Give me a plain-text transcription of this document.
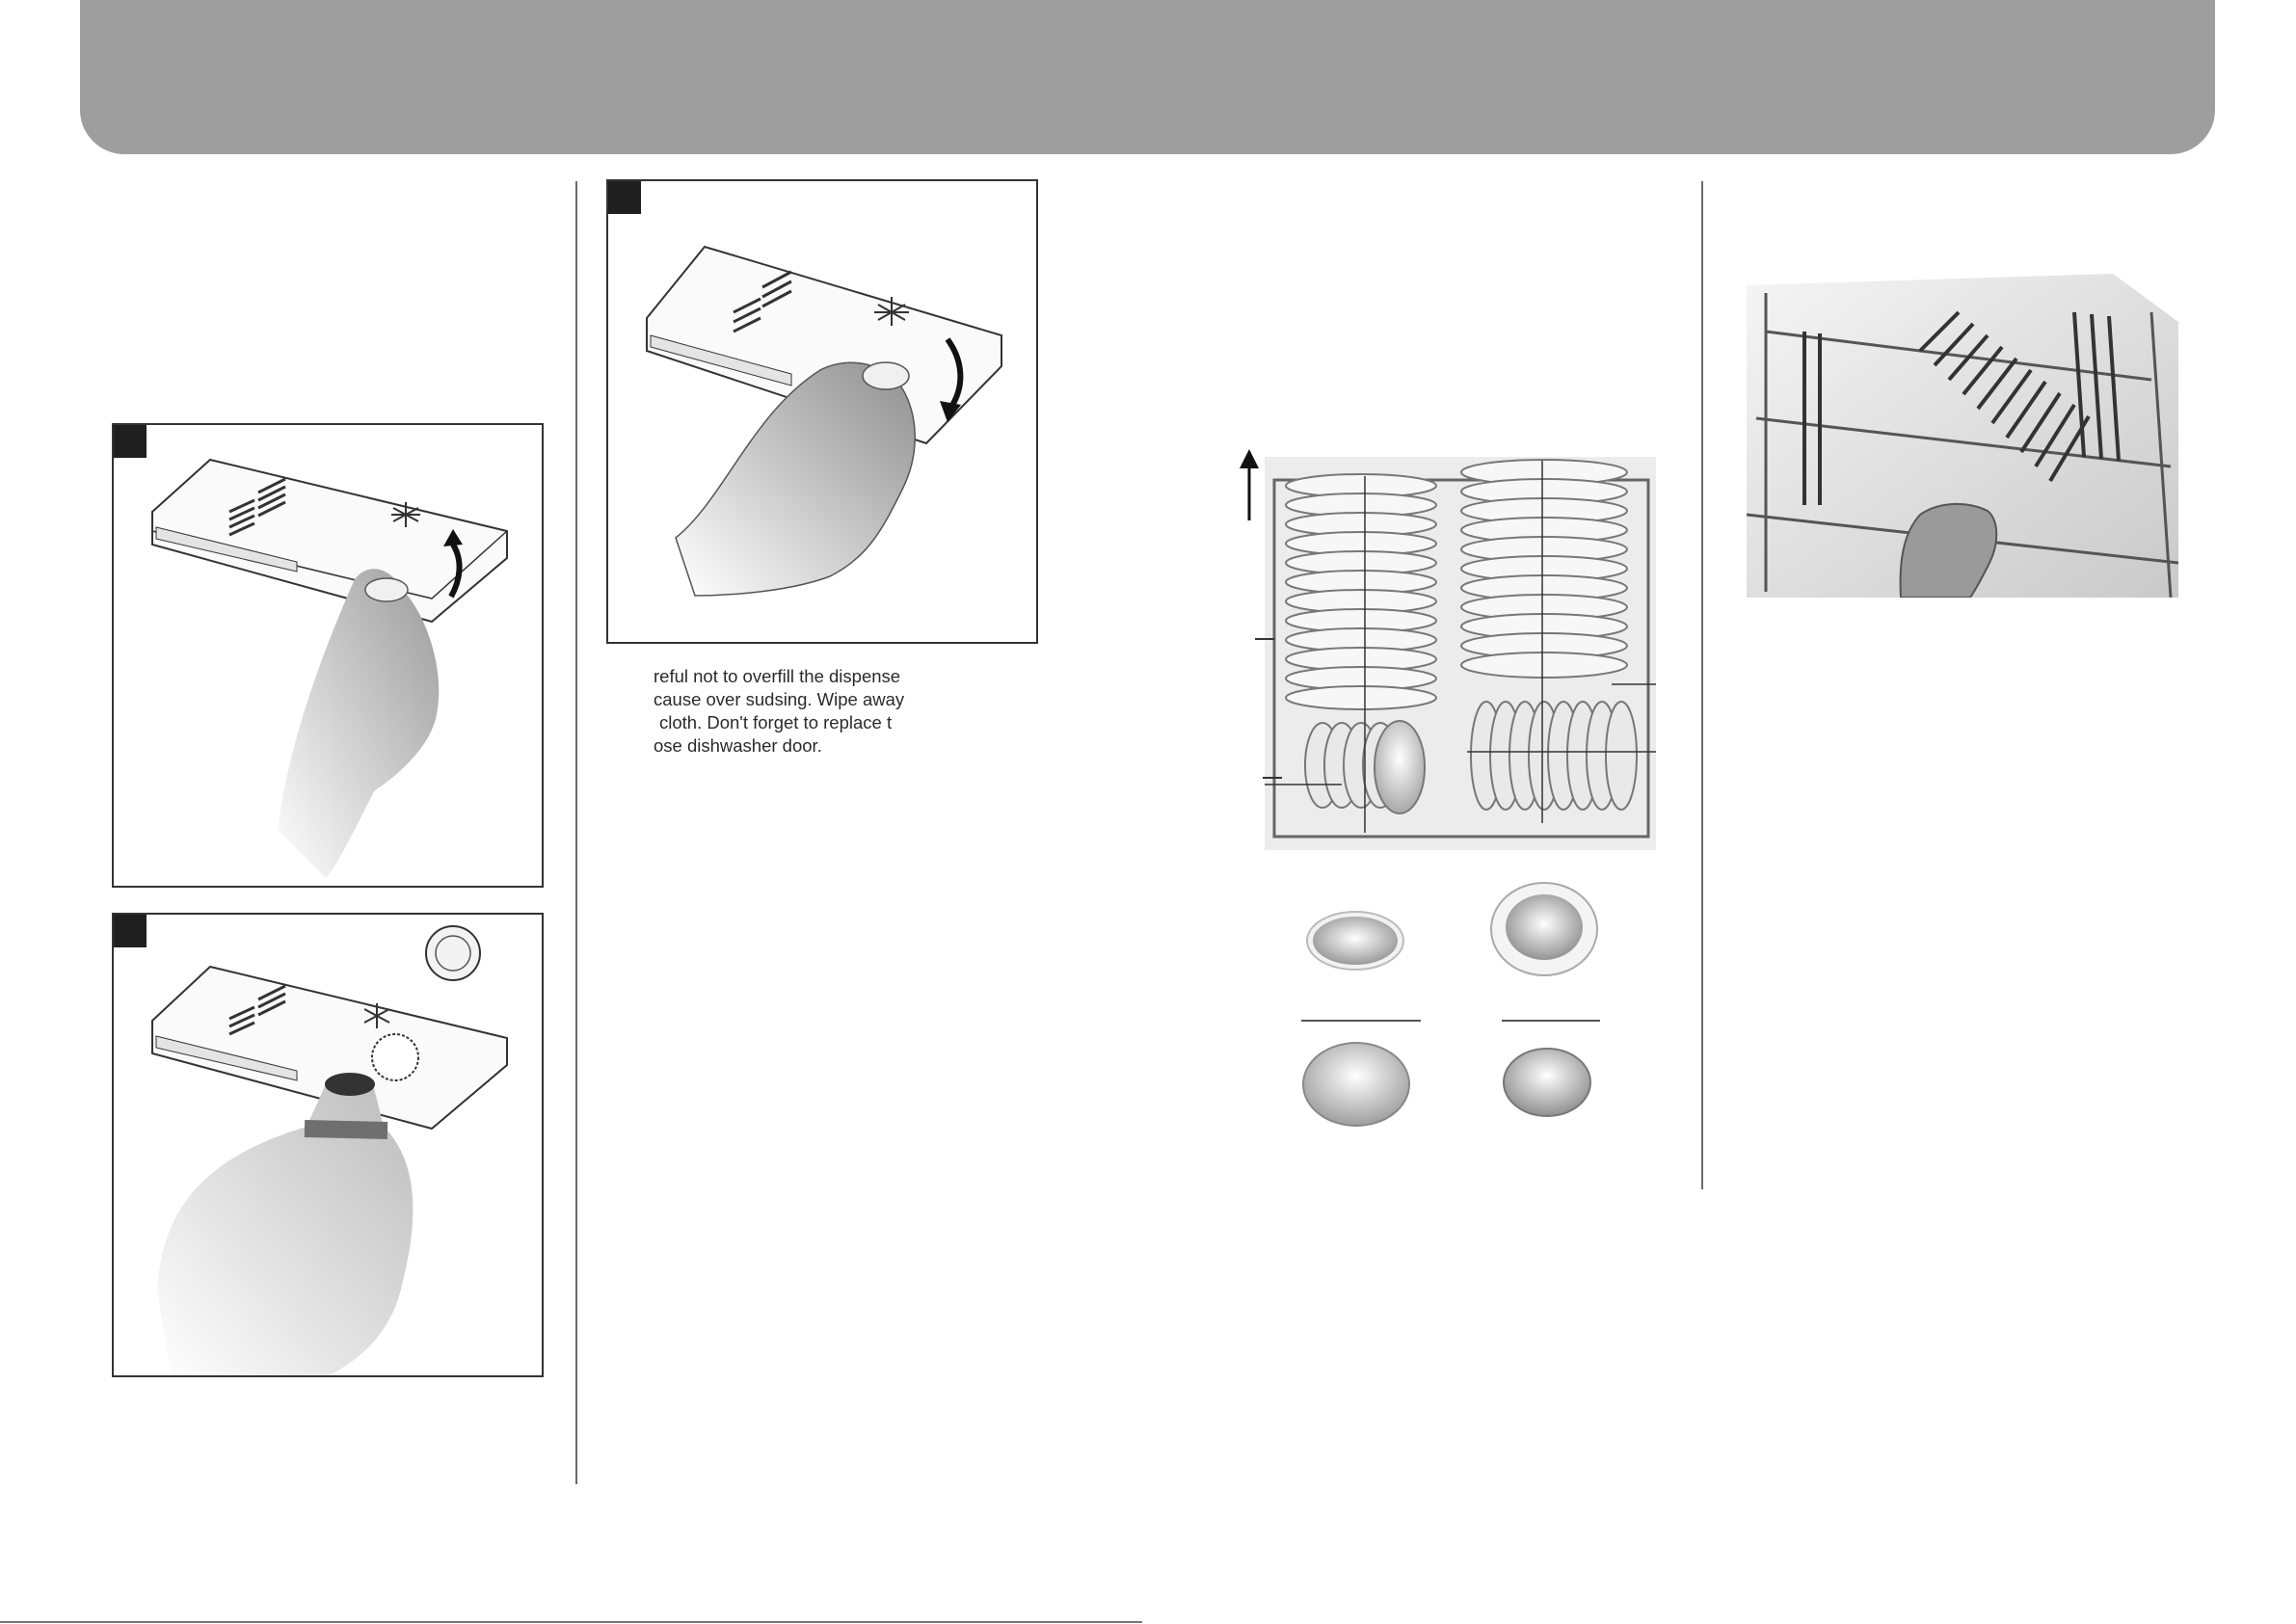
reful not to overfill the dispense
cause over sudsing. Wipe away
cloth. Don't forget to replace t
ose dishwasher door.
